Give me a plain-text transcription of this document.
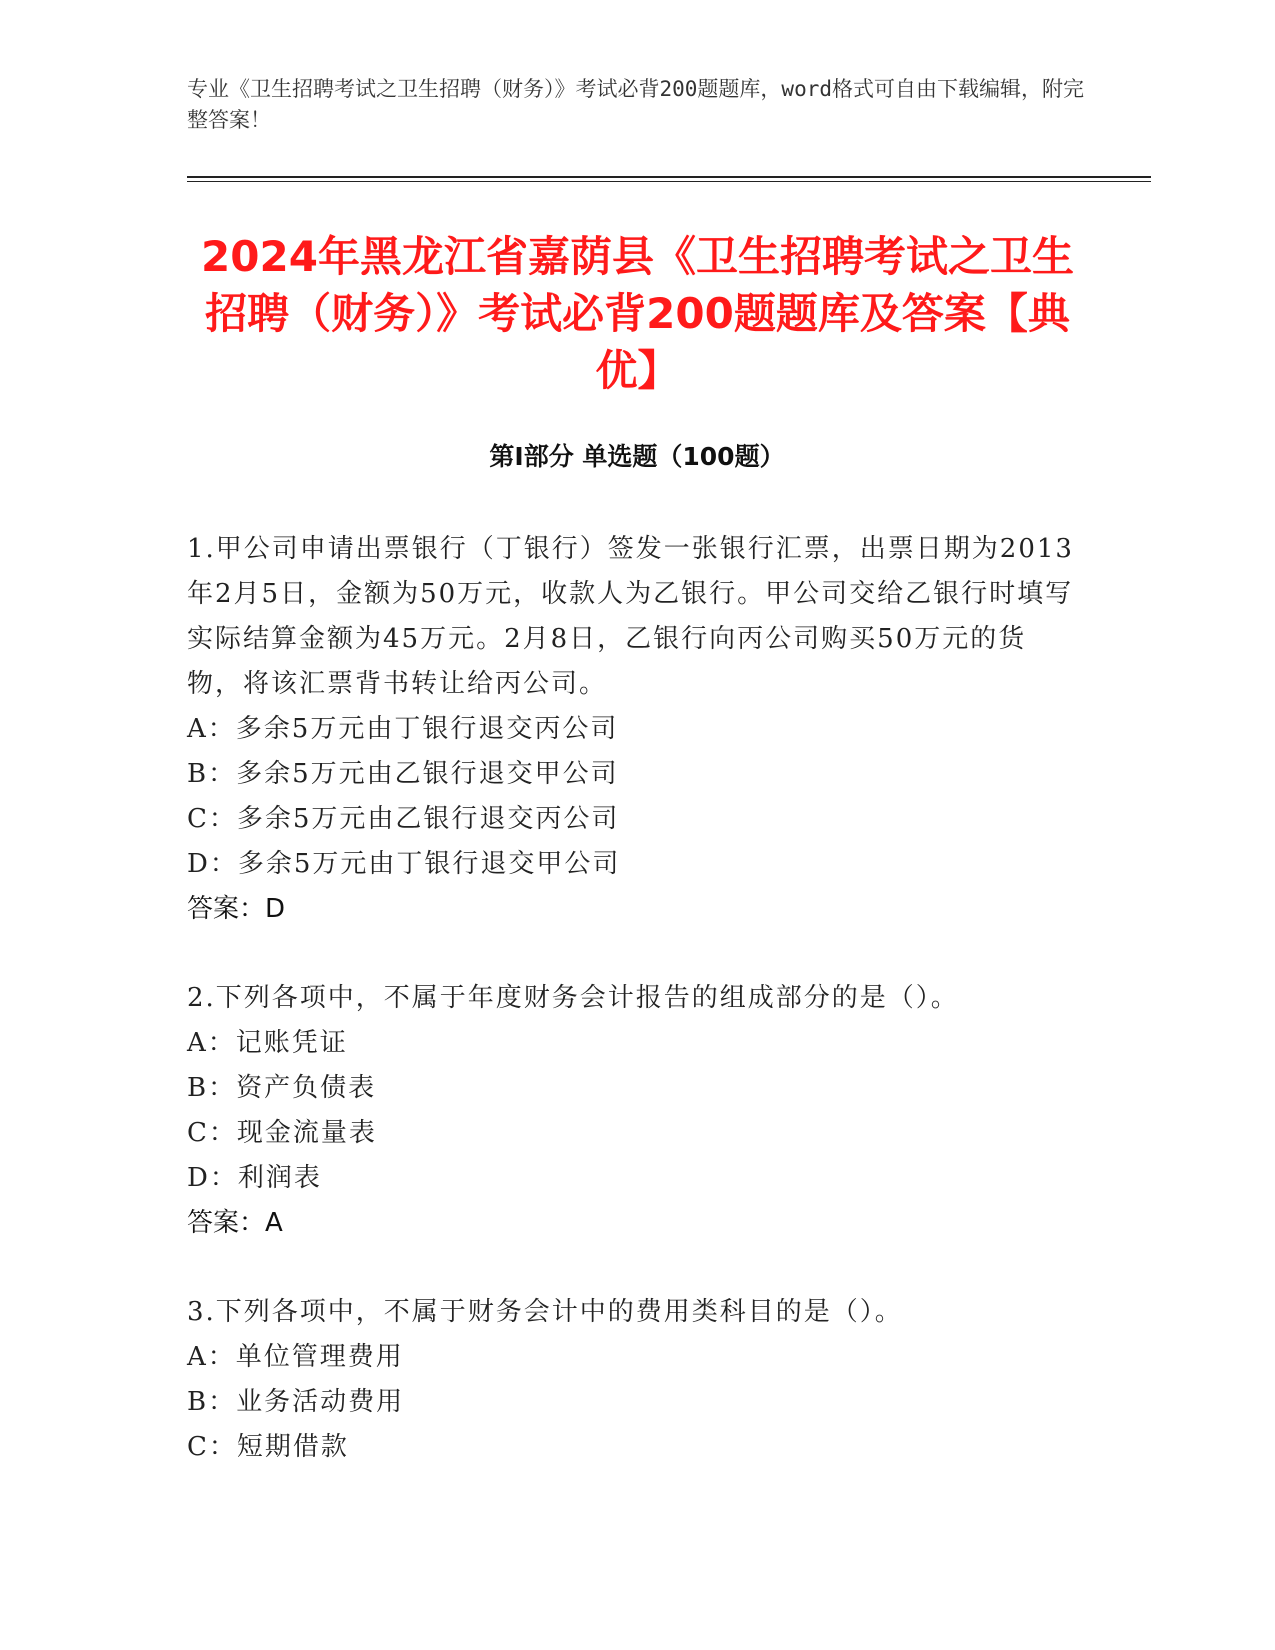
专业《卫生招聘考试之卫生招聘（财务）》考试必背200题题库，word格式可自由下载编辑，附完整答案！
2024年黑龙江省嘉荫县《卫生招聘考试之卫生招聘（财务）》考试必背200题题库及答案【典优】
第Ⅰ部分 单选题（100题）
1.甲公司申请出票银行（丁银行）签发一张银行汇票，出票日期为2013年2月5日，金额为50万元，收款人为乙银行。甲公司交给乙银行时填写实际结算金额为45万元。2月8日，乙银行向丙公司购买50万元的货物，将该汇票背书转让给丙公司。
A：多余5万元由丁银行退交丙公司
B：多余5万元由乙银行退交甲公司
C：多余5万元由乙银行退交丙公司
D：多余5万元由丁银行退交甲公司
答案：D
2.下列各项中，不属于年度财务会计报告的组成部分的是（）。
A：记账凭证
B：资产负债表
C：现金流量表
D：利润表
答案：A
3.下列各项中，不属于财务会计中的费用类科目的是（）。
A：单位管理费用
B：业务活动费用
C：短期借款
